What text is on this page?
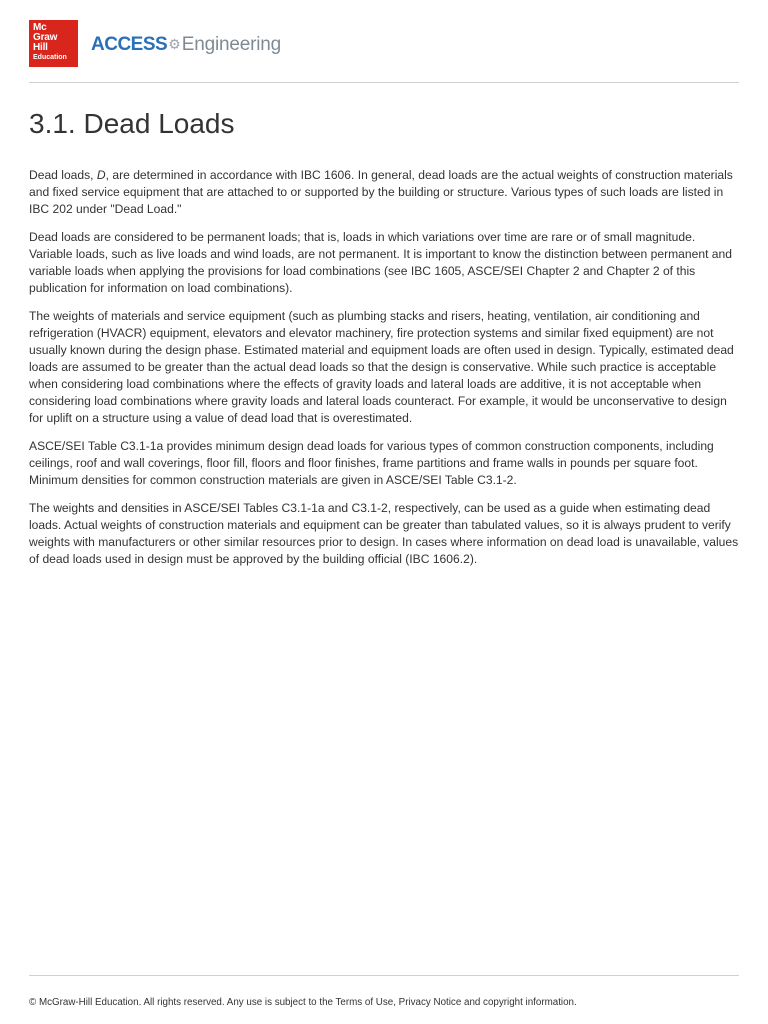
Mc
Graw
Hill
Education
ACCESS⚙Engineering
3.1. Dead Loads

Dead loads, D, are determined in accordance with IBC 1606. In general, dead loads are the actual weights of construction materials and fixed service equipment that are attached to or supported by the building or structure. Various types of such loads are listed in IBC 202 under "Dead Load."

Dead loads are considered to be permanent loads; that is, loads in which variations over time are rare or of small magnitude. Variable loads, such as live loads and wind loads, are not permanent. It is important to know the distinction between permanent and variable loads when applying the provisions for load combinations (see IBC 1605, ASCE/SEI Chapter 2 and Chapter 2 of this publication for information on load combinations).

The weights of materials and service equipment (such as plumbing stacks and risers, heating, ventilation, air conditioning and refrigeration (HVACR) equipment, elevators and elevator machinery, fire protection systems and similar fixed equipment) are not usually known during the design phase. Estimated material and equipment loads are often used in design. Typically, estimated dead loads are assumed to be greater than the actual dead loads so that the design is conservative. While such practice is acceptable when considering load combinations where the effects of gravity loads and lateral loads are additive, it is not acceptable when considering load combinations where gravity loads and lateral loads counteract. For example, it would be unconservative to design for uplift on a structure using a value of dead load that is overestimated.

ASCE/SEI Table C3.1-1a provides minimum design dead loads for various types of common construction components, including ceilings, roof and wall coverings, floor fill, floors and floor finishes, frame partitions and frame walls in pounds per square foot. Minimum densities for common construction materials are given in ASCE/SEI Table C3.1-2.

The weights and densities in ASCE/SEI Tables C3.1-1a and C3.1-2, respectively, can be used as a guide when estimating dead loads. Actual weights of construction materials and equipment can be greater than tabulated values, so it is always prudent to verify weights with manufacturers or other similar resources prior to design. In cases where information on dead load is unavailable, values of dead loads used in design must be approved by the building official (IBC 1606.2).

© McGraw-Hill Education. All rights reserved. Any use is subject to the Terms of Use, Privacy Notice and copyright information.
